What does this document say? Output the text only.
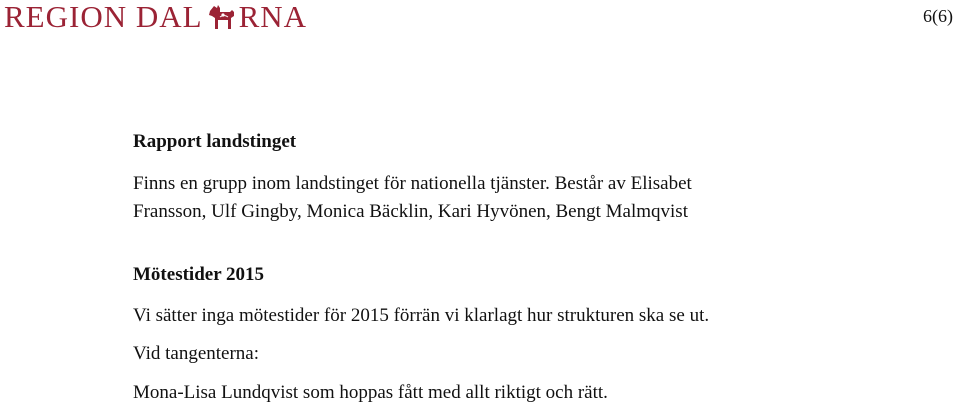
REGION DAL RNA	6(6)
Rapport landstinget
Finns en grupp inom landstinget för nationella tjänster. Består av Elisabet
Fransson, Ulf Gingby, Monica Bäcklin, Kari Hyvönen, Bengt Malmqvist
Mötestider 2015
Vi sätter inga mötestider för 2015 förrän vi klarlagt hur strukturen ska se ut.
Vid tangenterna:
Mona-Lisa Lundqvist som hoppas fått med allt riktigt och rätt.
